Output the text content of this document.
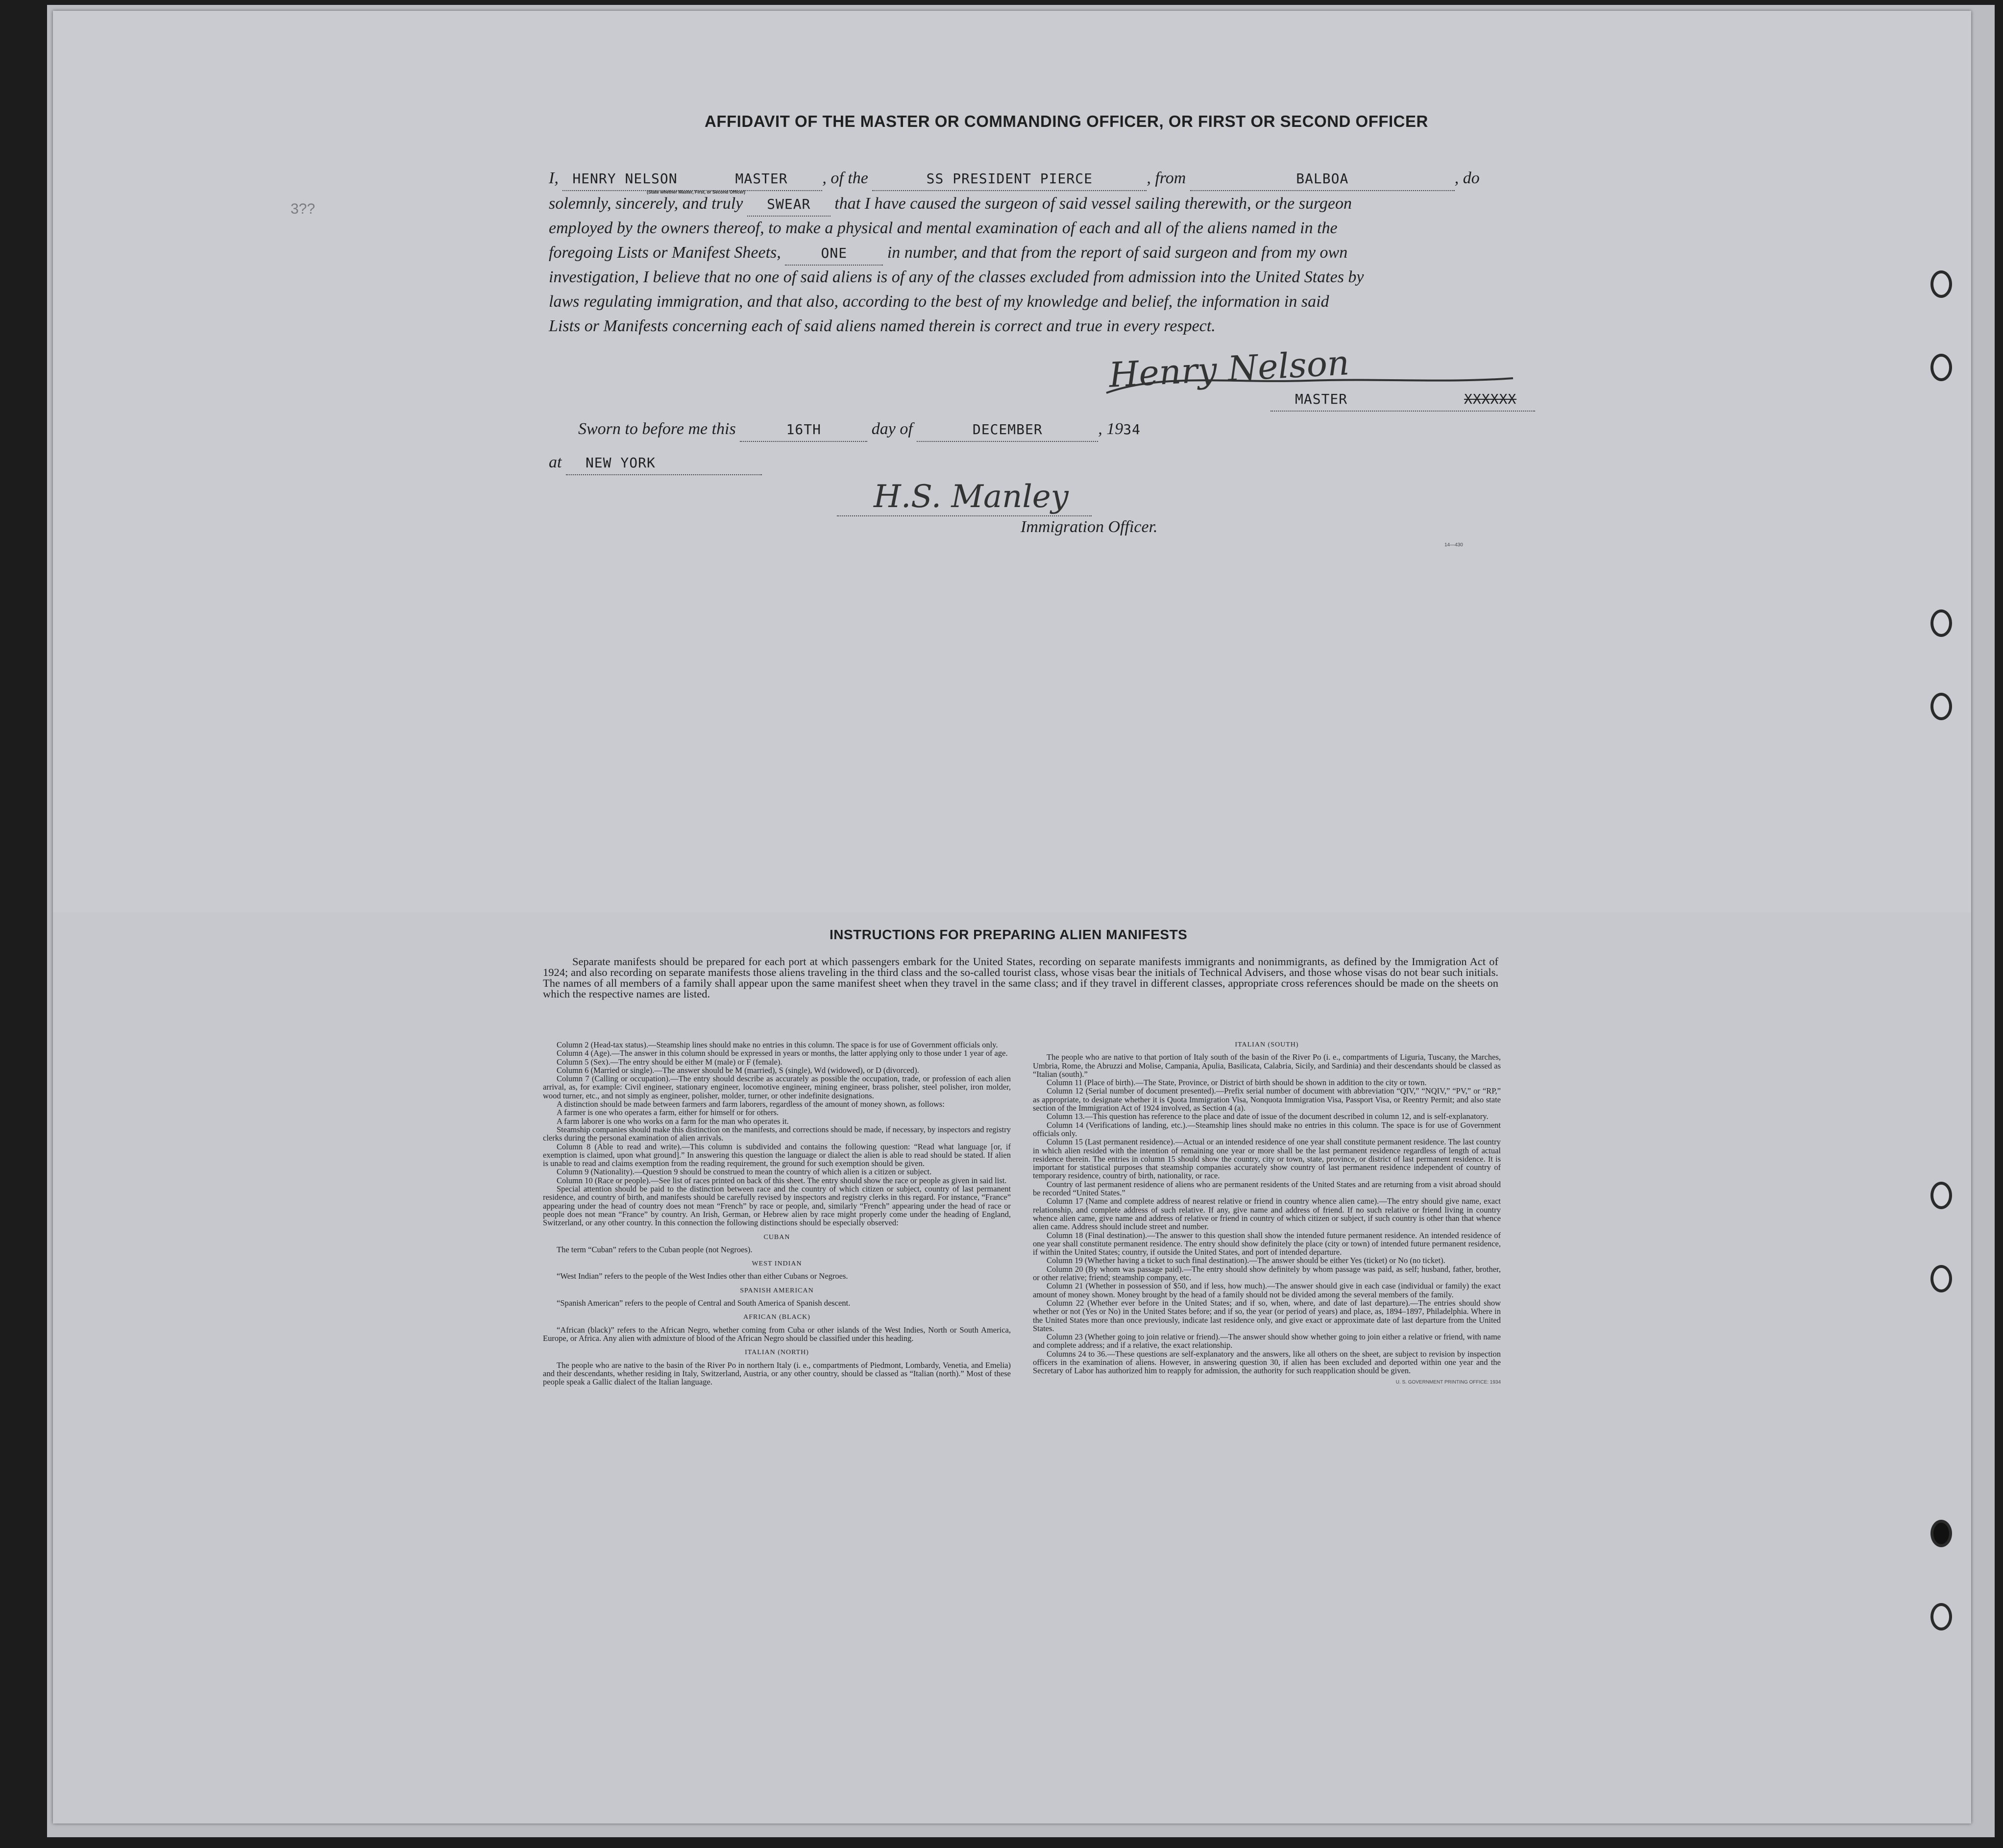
3??
AFFIDAVIT OF THE MASTER OR COMMANDING OFFICER, OR FIRST OR SECOND OFFICER
I, HENRY NELSON	MASTER , of the	SS PRESIDENT PIERCE	, from	BALBOA	, do
(State whether Master, First, or Second Officer)
solemnly, sincerely, and truly SWEAR that I have caused the surgeon of said vessel sailing therewith, or the surgeon
employed by the owners thereof, to make a physical and mental examination of each and all of the aliens named in the
foregoing Lists or Manifest Sheets,	ONE in number, and that from the report of said surgeon and from my own
investigation, I believe that no one of said aliens is of any of the classes excluded from admission into the United States by
laws regulating immigration, and that also, according to the best of my knowledge and belief, the information in said
Lists or Manifests concerning each of said aliens named therein is correct and true in every respect.
Henry Nelson
MASTER	XXXXXX
Sworn to before me this	16TH	day of	DECEMBER	, 1934
at NEW YORK
H.S. Manley
Immigration Officer.
14—430
INSTRUCTIONS FOR PREPARING ALIEN MANIFESTS
Separate manifests should be prepared for each port at which passengers embark for the United States, recording on separate manifests immigrants and nonimmigrants, as defined by the Immigration Act of 1924; and also recording on separate manifests those aliens traveling in the third class and the so-called tourist class, whose visas bear the initials of Technical Advisers, and those whose visas do not bear such initials. The names of all members of a family shall appear upon the same manifest sheet when they travel in the same class; and if they travel in different classes, appropriate cross references should be made on the sheets on which the respective names are listed.

Column 2 (Head-tax status).—Steamship lines should make no entries in this column. The space is for use of Government officials only.

Column 4 (Age).—The answer in this column should be expressed in years or months, the latter applying only to those under 1 year of age.

Column 5 (Sex).—The entry should be either M (male) or F (female).

Column 6 (Married or single).—The answer should be M (married), S (single), Wd (widowed), or D (divorced).

Column 7 (Calling or occupation).—The entry should describe as accurately as possible the occupation, trade, or profession of each alien arrival, as, for example: Civil engineer, stationary engineer, locomotive engineer, mining engineer, brass polisher, steel polisher, iron molder, wood turner, etc., and not simply as engineer, polisher, molder, turner, or other indefinite designations.

A distinction should be made between farmers and farm laborers, regardless of the amount of money shown, as follows:

A farmer is one who operates a farm, either for himself or for others.

A farm laborer is one who works on a farm for the man who operates it.

Steamship companies should make this distinction on the manifests, and corrections should be made, if necessary, by inspectors and registry clerks during the personal examination of alien arrivals.

Column 8 (Able to read and write).—This column is subdivided and contains the following question: “Read what language [or, if exemption is claimed, upon what ground].” In answering this question the language or dialect the alien is able to read should be stated. If alien is unable to read and claims exemption from the reading requirement, the ground for such exemption should be given.

Column 9 (Nationality).—Question 9 should be construed to mean the country of which alien is a citizen or subject.

Column 10 (Race or people).—See list of races printed on back of this sheet. The entry should show the race or people as given in said list.

Special attention should be paid to the distinction between race and the country of which citizen or subject, country of last permanent residence, and country of birth, and manifests should be carefully revised by inspectors and registry clerks in this regard. For instance, “France” appearing under the head of country does not mean “French” by race or people, and, similarly “French” appearing under the head of race or people does not mean “France” by country. An Irish, German, or Hebrew alien by race might properly come under the heading of England, Switzerland, or any other country. In this connection the following distinctions should be especially observed:

CUBAN

The term “Cuban” refers to the Cuban people (not Negroes).

WEST INDIAN

“West Indian” refers to the people of the West Indies other than either Cubans or Negroes.

SPANISH AMERICAN

“Spanish American” refers to the people of Central and South America of Spanish descent.

AFRICAN (BLACK)

“African (black)” refers to the African Negro, whether coming from Cuba or other islands of the West Indies, North or South America, Europe, or Africa. Any alien with admixture of blood of the African Negro should be classified under this heading.

ITALIAN (NORTH)

The people who are native to the basin of the River Po in northern Italy (i. e., compartments of Piedmont, Lombardy, Venetia, and Emelia) and their descendants, whether residing in Italy, Switzerland, Austria, or any other country, should be classed as “Italian (north).” Most of these people speak a Gallic dialect of the Italian language.

ITALIAN (SOUTH)

The people who are native to that portion of Italy south of the basin of the River Po (i. e., compartments of Liguria, Tuscany, the Marches, Umbria, Rome, the Abruzzi and Molise, Campania, Apulia, Basilicata, Calabria, Sicily, and Sardinia) and their descendants should be classed as “Italian (south).”

Column 11 (Place of birth).—The State, Province, or District of birth should be shown in addition to the city or town.

Column 12 (Serial number of document presented).—Prefix serial number of document with abbreviation “QIV,” “NQIV,” “PV,” or “RP,” as appropriate, to designate whether it is Quota Immigration Visa, Nonquota Immigration Visa, Passport Visa, or Reentry Permit; and also state section of the Immigration Act of 1924 involved, as Section 4 (a).

Column 13.—This question has reference to the place and date of issue of the document described in column 12, and is self-explanatory.

Column 14 (Verifications of landing, etc.).—Steamship lines should make no entries in this column. The space is for use of Government officials only.

Column 15 (Last permanent residence).—Actual or an intended residence of one year shall constitute permanent residence. The last country in which alien resided with the intention of remaining one year or more shall be the last permanent residence regardless of length of actual residence therein. The entries in column 15 should show the country, city or town, state, province, or district of last permanent residence. It is important for statistical purposes that steamship companies accurately show country of last permanent residence independent of country of temporary residence, country of birth, nationality, or race.

Country of last permanent residence of aliens who are permanent residents of the United States and are returning from a visit abroad should be recorded “United States.”

Column 17 (Name and complete address of nearest relative or friend in country whence alien came).—The entry should give name, exact relationship, and complete address of such relative. If any, give name and address of friend. If no such relative or friend living in country whence alien came, give name and address of relative or friend in country of which citizen or subject, if such country is other than that whence alien came. Address should include street and number.

Column 18 (Final destination).—The answer to this question shall show the intended future permanent residence. An intended residence of one year shall constitute permanent residence. The entry should show definitely the place (city or town) of intended future permanent residence, if within the United States; country, if outside the United States, and port of intended departure.

Column 19 (Whether having a ticket to such final destination).—The answer should be either Yes (ticket) or No (no ticket).

Column 20 (By whom was passage paid).—The entry should show definitely by whom passage was paid, as self; husband, father, brother, or other relative; friend; steamship company, etc.

Column 21 (Whether in possession of $50, and if less, how much).—The answer should give in each case (individual or family) the exact amount of money shown. Money brought by the head of a family should not be divided among the several members of the family.

Column 22 (Whether ever before in the United States; and if so, when, where, and date of last departure).—The entries should show whether or not (Yes or No) in the United States before; and if so, the year (or period of years) and place, as, 1894–1897, Philadelphia. Where in the United States more than once previously, indicate last residence only, and give exact or approximate date of last departure from the United States.

Column 23 (Whether going to join relative or friend).—The answer should show whether going to join either a relative or friend, with name and complete address; and if a relative, the exact relationship.

Columns 24 to 36.—These questions are self-explanatory and the answers, like all others on the sheet, are subject to revision by inspection officers in the examination of aliens. However, in answering question 30, if alien has been excluded and deported within one year and the Secretary of Labor has authorized him to reapply for admission, the authority for such reapplication should be given.

U. S. GOVERNMENT PRINTING OFFICE: 1934
